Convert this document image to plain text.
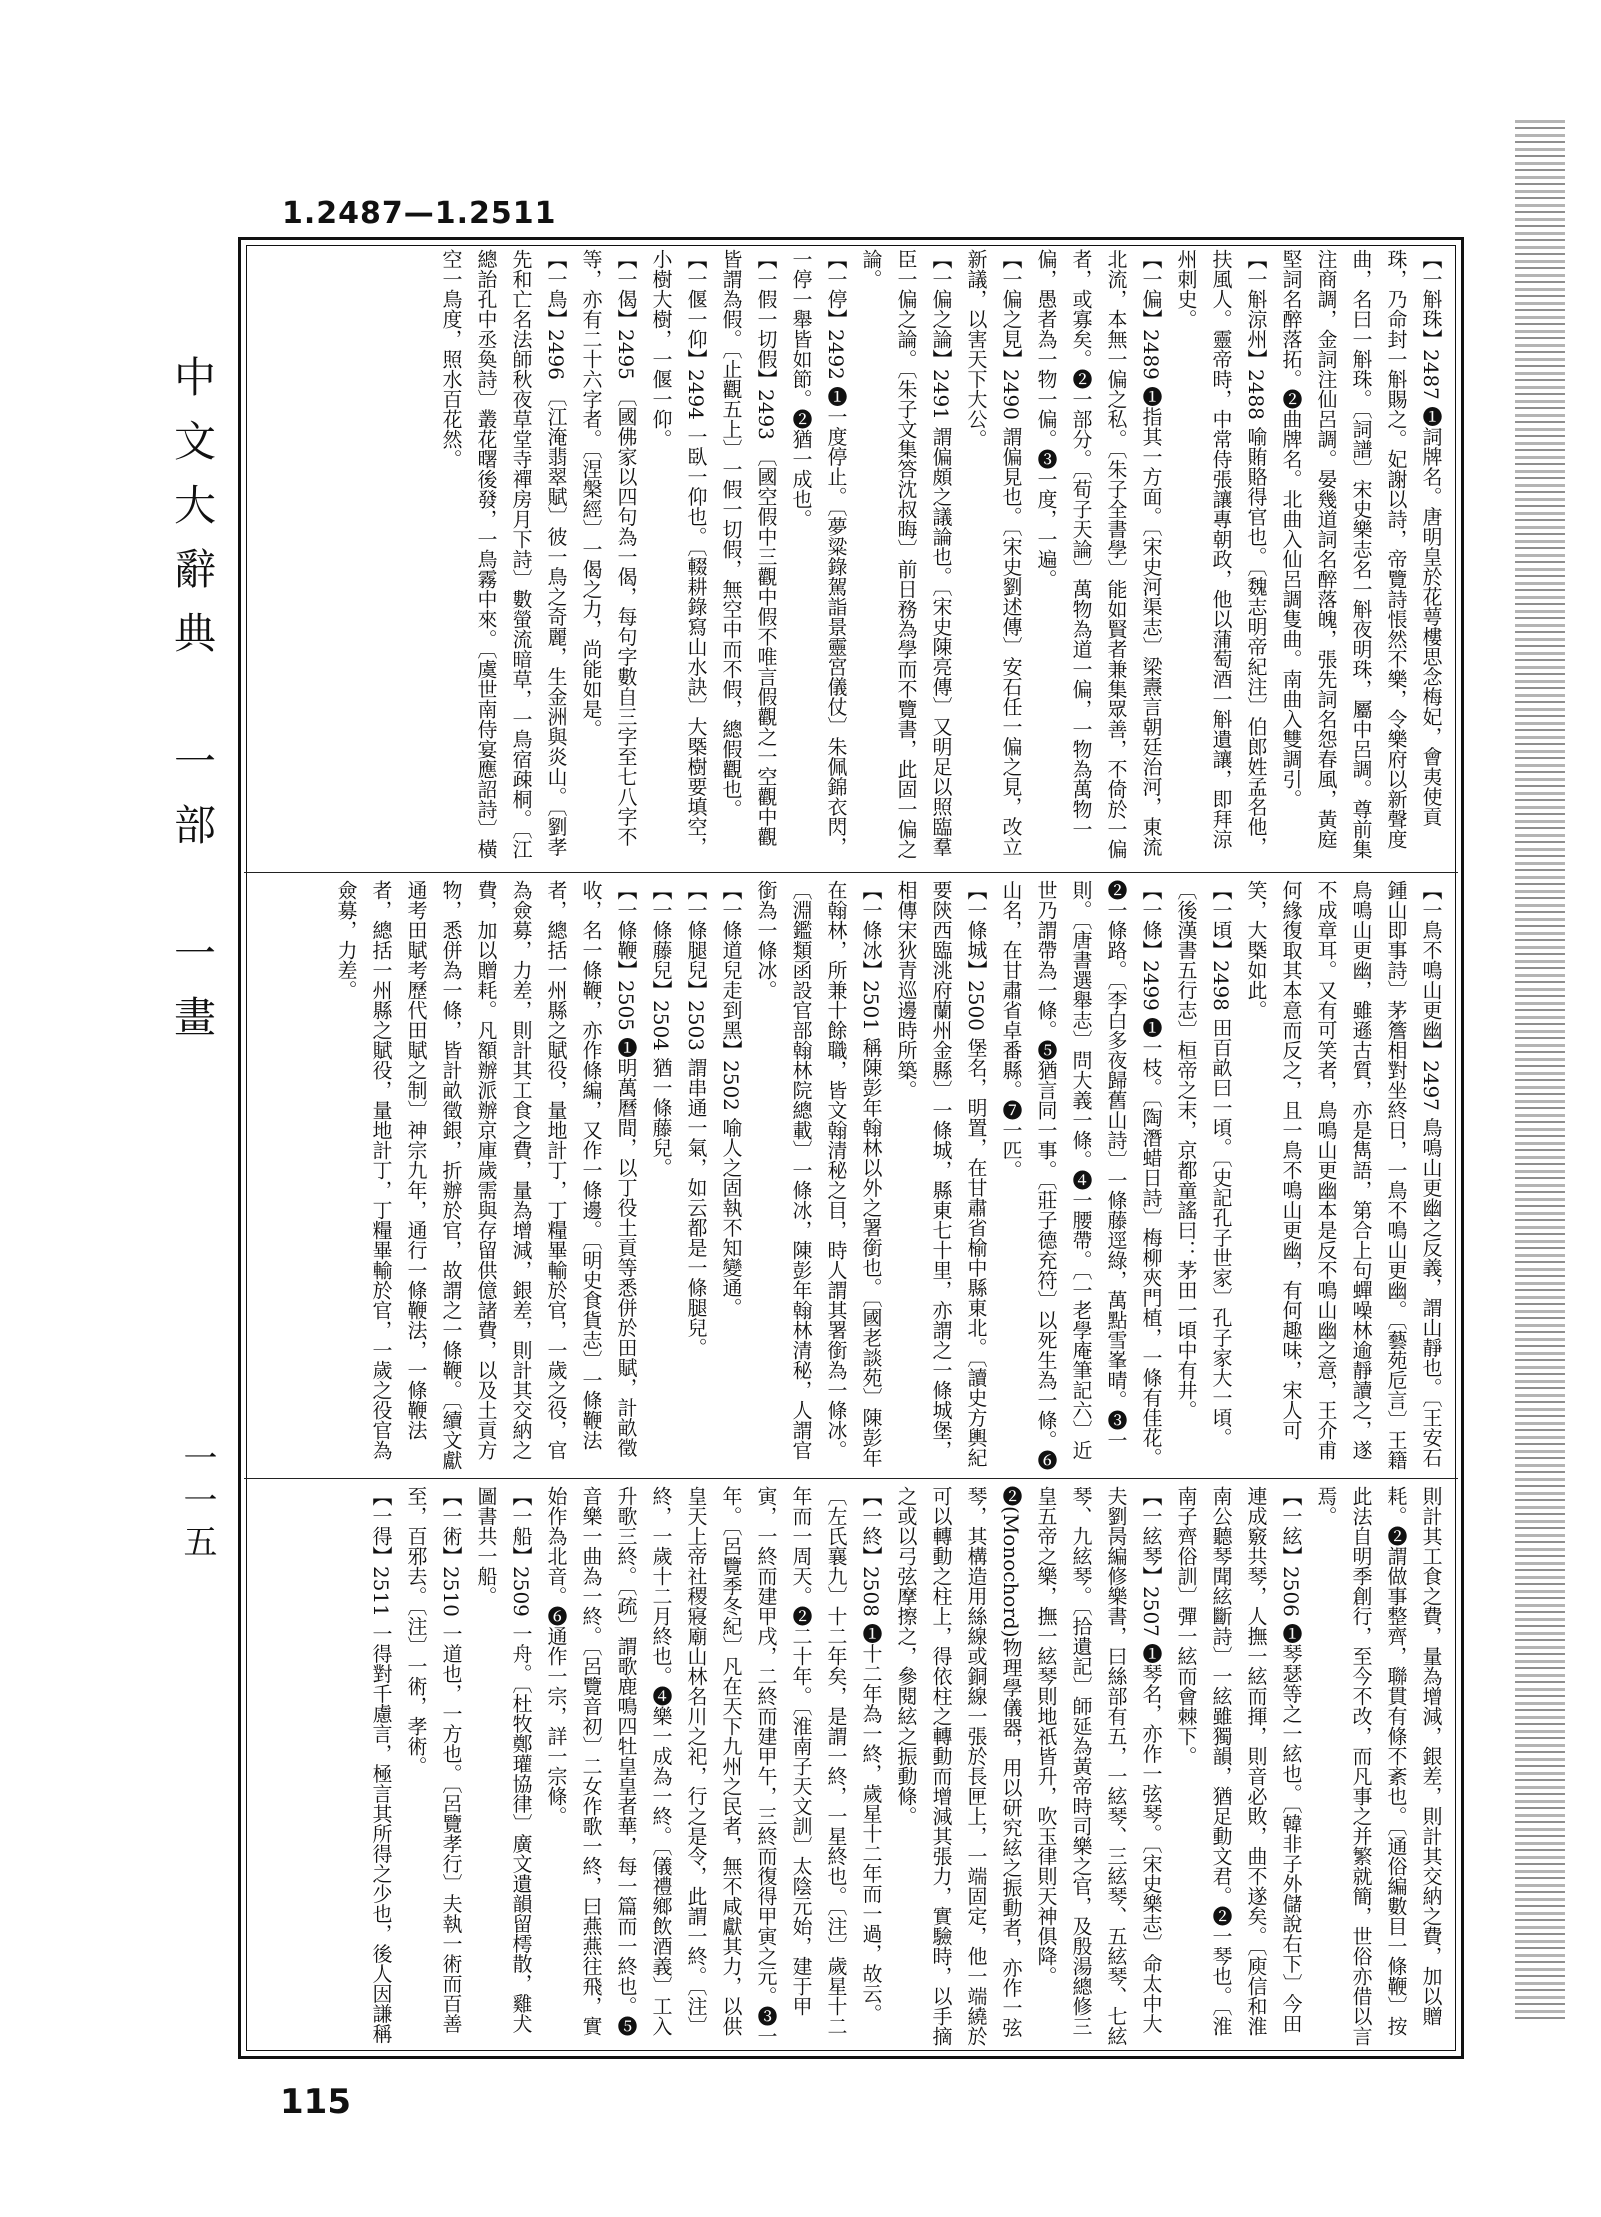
1.2487—1.2511
中文大辭典　一部　一畫
一一五

【一斛珠】2487 ❶詞牌名。唐明皇於花萼樓思念梅妃，會夷使貢珠，乃命封一斛賜之。妃謝以詩，帝覽詩悵然不樂，令樂府以新聲度曲，名曰一斛珠。〔詞譜〕宋史樂志名一斛夜明珠，屬中呂調。尊前集注商調，金詞注仙呂調。晏幾道詞名醉落魄，張先詞名怨春風，黃庭堅詞名醉落拓。❷曲牌名。北曲入仙呂調隻曲。南曲入雙調引。

【一斛涼州】2488 喻賄賂得官也。〔魏志明帝紀注〕伯郎姓孟名他，扶風人。靈帝時，中常侍張讓專朝政，他以蒲萄酒一斛遺讓，即拜涼州刺史。

【一偏】2489 ❶指其一方面。〔宋史河渠志〕梁燾言朝廷治河，東流北流，本無一偏之私。〔朱子全書學〕能如賢者兼集眾善，不倚於一偏者，或寡矣。❷一部分。〔荀子天論〕萬物為道一偏，一物為萬物一偏，愚者為一物一偏。❸一度，一遍。

【一偏之見】2490 謂偏見也。〔宋史劉述傳〕安石任一偏之見，改立新議，以害天下大公。

【一偏之論】2491 謂偏頗之議論也。〔宋史陳亮傳〕又明足以照臨羣臣一偏之論。〔朱子文集答沈叔晦〕前日務為學而不覽書，此固一偏之論。

【一停】2492 ❶一度停止。〔夢粱錄駕詣景靈宮儀仗〕朱佩錦衣閃，一停一舉皆如節。❷猶一成也。

【一假一切假】2493 〔國空假中三觀中假不唯言假觀之一空觀中觀皆謂為假。〔止觀五上〕一假一切假，無空中而不假，總假觀也。

【一偃一仰】2494 一臥一仰也。〔輟耕錄寫山水訣〕大槩樹要填空，小樹大樹，一偃一仰。

【一偈】2495 〔國佛家以四句為一偈，每句字數自三字至七八字不等，亦有二十六字者。〔涅槃經〕一偈之力，尚能如是。

【一鳥】2496 〔江淹翡翠賦〕彼一鳥之奇麗，生金洲與炎山。〔劉孝先和亡名法師秋夜草堂寺禪房月下詩〕數螢流暗草，一鳥宿疎桐。〔江總詒孔中丞奐詩〕叢花曙後發，一鳥霧中來。〔虞世南侍宴應詔詩〕橫空一鳥度，照水百花然。

【一鳥不鳴山更幽】2497 鳥鳴山更幽之反義，謂山靜也。〔王安石鍾山即事詩〕茅簷相對坐終日，一鳥不鳴山更幽。〔藝苑卮言〕王籍鳥鳴山更幽，雖遜古質，亦是雋語，第合上句蟬噪林逾靜讀之，遂不成章耳。又有可笑者，鳥鳴山更幽本是反不鳴山幽之意，王介甫何緣復取其本意而反之，且一鳥不鳴山更幽，有何趣味，宋人可笑，大槩如此。

【一頃】2498 田百畝曰一頃。〔史記孔子世家〕孔子家大一頃。〔後漢書五行志〕桓帝之末，京都童謠曰：茅田一頃中有井。

【一條】2499 ❶一枝。〔陶潛蜡日詩〕梅柳夾門植，一條有佳花。❷一條路。〔李白多夜歸舊山詩〕一條藤逕綠，萬點雪峯晴。❸一則。〔唐書選舉志〕問大義一條。❹一腰帶。〔一老學庵筆記六〕近世乃謂帶為一條。❺猶言同一事。〔莊子德充符〕以死生為一條。❻山名，在甘肅省卓番縣。❼一匹。

【一條城】2500 堡名，明置，在甘肅省榆中縣東北。〔讀史方輿紀要陝西臨洮府蘭州金縣〕一條城，縣東七十里，亦謂之一條城堡，相傳宋狄青巡邊時所築。

【一條冰】2501 稱陳彭年翰林以外之署銜也。〔國老談苑〕陳彭年在翰林，所兼十餘職，皆文翰清秘之目，時人謂其署銜為一條冰。〔淵鑑類函設官部翰林院總載〕一條冰，陳彭年翰林清秘，人謂官銜為一條冰。

【一條道兒走到黑】2502 喻人之固執不知變通。

【一條腿兒】2503 謂串通一氣，如云都是一條腿兒。

【一條藤兒】2504 猶一條藤兒。

【一條鞭】2505 ❶明萬曆間，以丁役土貢等悉併於田賦，計畝徵收，名一條鞭，亦作條編，又作一條邊。〔明史食貨志〕一條鞭法者，總括一州縣之賦役，量地計丁，丁糧畢輸於官，一歲之役，官為僉募，力差，則計其工食之費，量為增減，銀差，則計其交納之費，加以贈耗。凡額辦派辦京庫歲需與存留供億諸費，以及土貢方物，悉併為一條，皆計畝徵銀，折辦於官，故謂之一條鞭。〔續文獻通考田賦考歷代田賦之制〕神宗九年，通行一條鞭法，一條鞭法者，總括一州縣之賦役，量地計丁，丁糧畢輸於官，一歲之役官為僉募，力差。

則計其工食之費，量為增減，銀差，則計其交納之費，加以贈耗。❷謂做事整齊，聯貫有條不紊也。〔通俗編數目一條鞭〕按此法自明季創行，至今不改，而凡事之并繁就簡，世俗亦借以言焉。

【一絃】2506 ❶琴瑟等之一絃也。〔韓非子外儲說右下〕今田連成竅共琴，人撫一絃而揮，則音必敗，曲不遂矣。〔庾信和淮南公聽琴聞絃斷詩〕一絃雖獨韻，猶足動文君。❷一琴也。〔淮南子齊俗訓〕彈一絃而會棘下。

【一絃琴】2507 ❶琴名，亦作一弦琴。〔宋史樂志〕命太中大夫劉昺編修樂書，曰絲部有五，一絃琴、三絃琴、五絃琴、七絃琴、九絃琴。〔拾遺記〕師延為黃帝時司樂之官，及殷湯總修三皇五帝之樂，撫一絃琴則地祇皆升，吹玉律則天神俱降。❷(Monochord)物理學儀器，用以研究絃之振動者，亦作一弦琴，其構造用絲線或銅線一張於長匣上，一端固定，他一端繞於可以轉動之柱上，得依柱之轉動而增減其張力，實驗時，以手摘之或以弓弦摩擦之，參閱絃之振動條。

【一終】2508 ❶十二年為一終，歲星十二年而一過，故云。〔左氏襄九〕十二年矣，是謂一終，一星終也。〔注〕歲星十二年而一周天。❷二十年。〔淮南子天文訓〕太陰元始，建于甲寅，一終而建甲戌，二終而建甲午，三終而復得甲寅之元。❸一年。〔呂覽季冬紀〕凡在天下九州之民者，無不咸獻其力，以供皇天上帝社稷寢廟山林名川之祀，行之是令，此謂一終。〔注〕終，一歲十二月終也。❹樂一成為一終。〔儀禮鄉飲酒義〕工入升歌三終。〔疏〕謂歌鹿鳴四牡皇皇者華，每一篇而一終也。❺音樂一曲為一終。〔呂覽音初〕二女作歌一終，曰燕燕往飛，實始作為北音。❻通作一宗，詳一宗條。

【一船】2509 一舟。〔杜牧鄭瓘協律〕廣文遺韻留樗散，雞犬圖書共一船。

【一術】2510 一道也，一方也。〔呂覽孝行〕夫執一術而百善至，百邪去。〔注〕一術，孝術。

【一得】2511 一得對千慮言，極言其所得之少也，後人因謙稱

115
